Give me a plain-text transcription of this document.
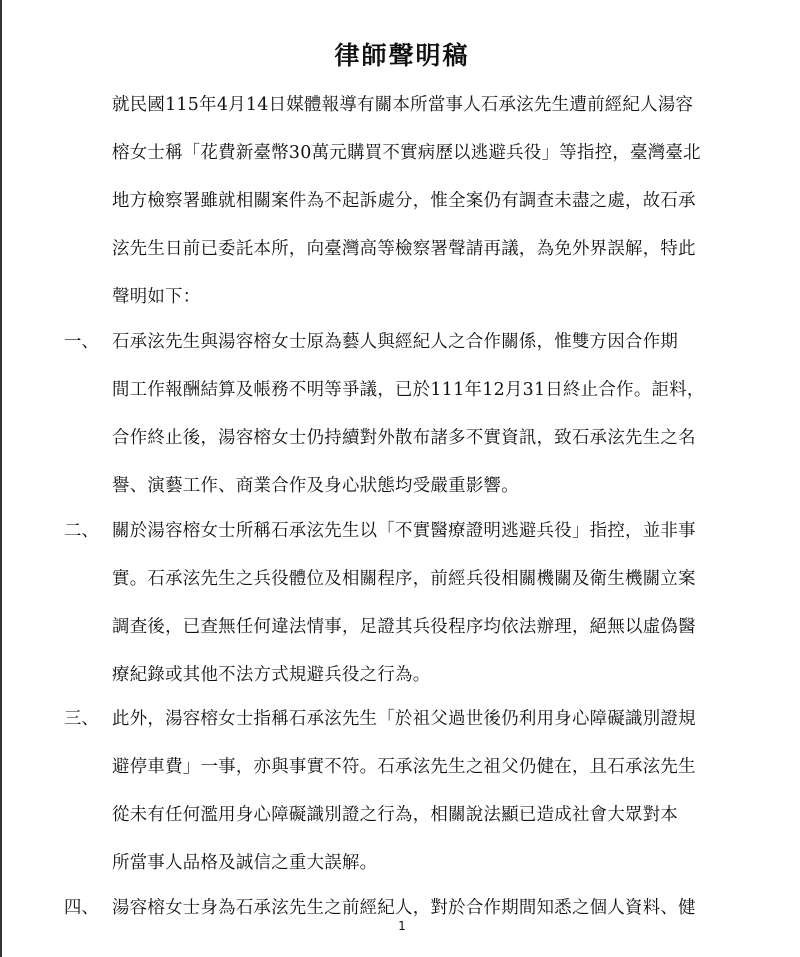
律師聲明稿
就民國115年4月14日媒體報導有關本所當事人石承泫先生遭前經紀人湯容
榕女士稱「花費新臺幣30萬元購買不實病歷以逃避兵役」等指控，臺灣臺北
地方檢察署雖就相關案件為不起訴處分，惟全案仍有調查未盡之處，故石承
泫先生日前已委託本所，向臺灣高等檢察署聲請再議，為免外界誤解，特此
聲明如下：
一、 石承泫先生與湯容榕女士原為藝人與經紀人之合作關係，惟雙方因合作期
間工作報酬結算及帳務不明等爭議，已於111年12月31日終止合作。詎料，
合作終止後，湯容榕女士仍持續對外散布諸多不實資訊，致石承泫先生之名
譽、演藝工作、商業合作及身心狀態均受嚴重影響。
二、 關於湯容榕女士所稱石承泫先生以「不實醫療證明逃避兵役」指控，並非事
實。石承泫先生之兵役體位及相關程序，前經兵役相關機關及衛生機關立案
調查後，已查無任何違法情事，足證其兵役程序均依法辦理，絕無以虛偽醫
療紀錄或其他不法方式規避兵役之行為。
三、 此外，湯容榕女士指稱石承泫先生「於祖父過世後仍利用身心障礙識別證規
避停車費」一事，亦與事實不符。石承泫先生之祖父仍健在，且石承泫先生
從未有任何濫用身心障礙識別證之行為，相關說法顯已造成社會大眾對本
所當事人品格及誠信之重大誤解。
四、 湯容榕女士身為石承泫先生之前經紀人，對於合作期間知悉之個人資料、健
1
